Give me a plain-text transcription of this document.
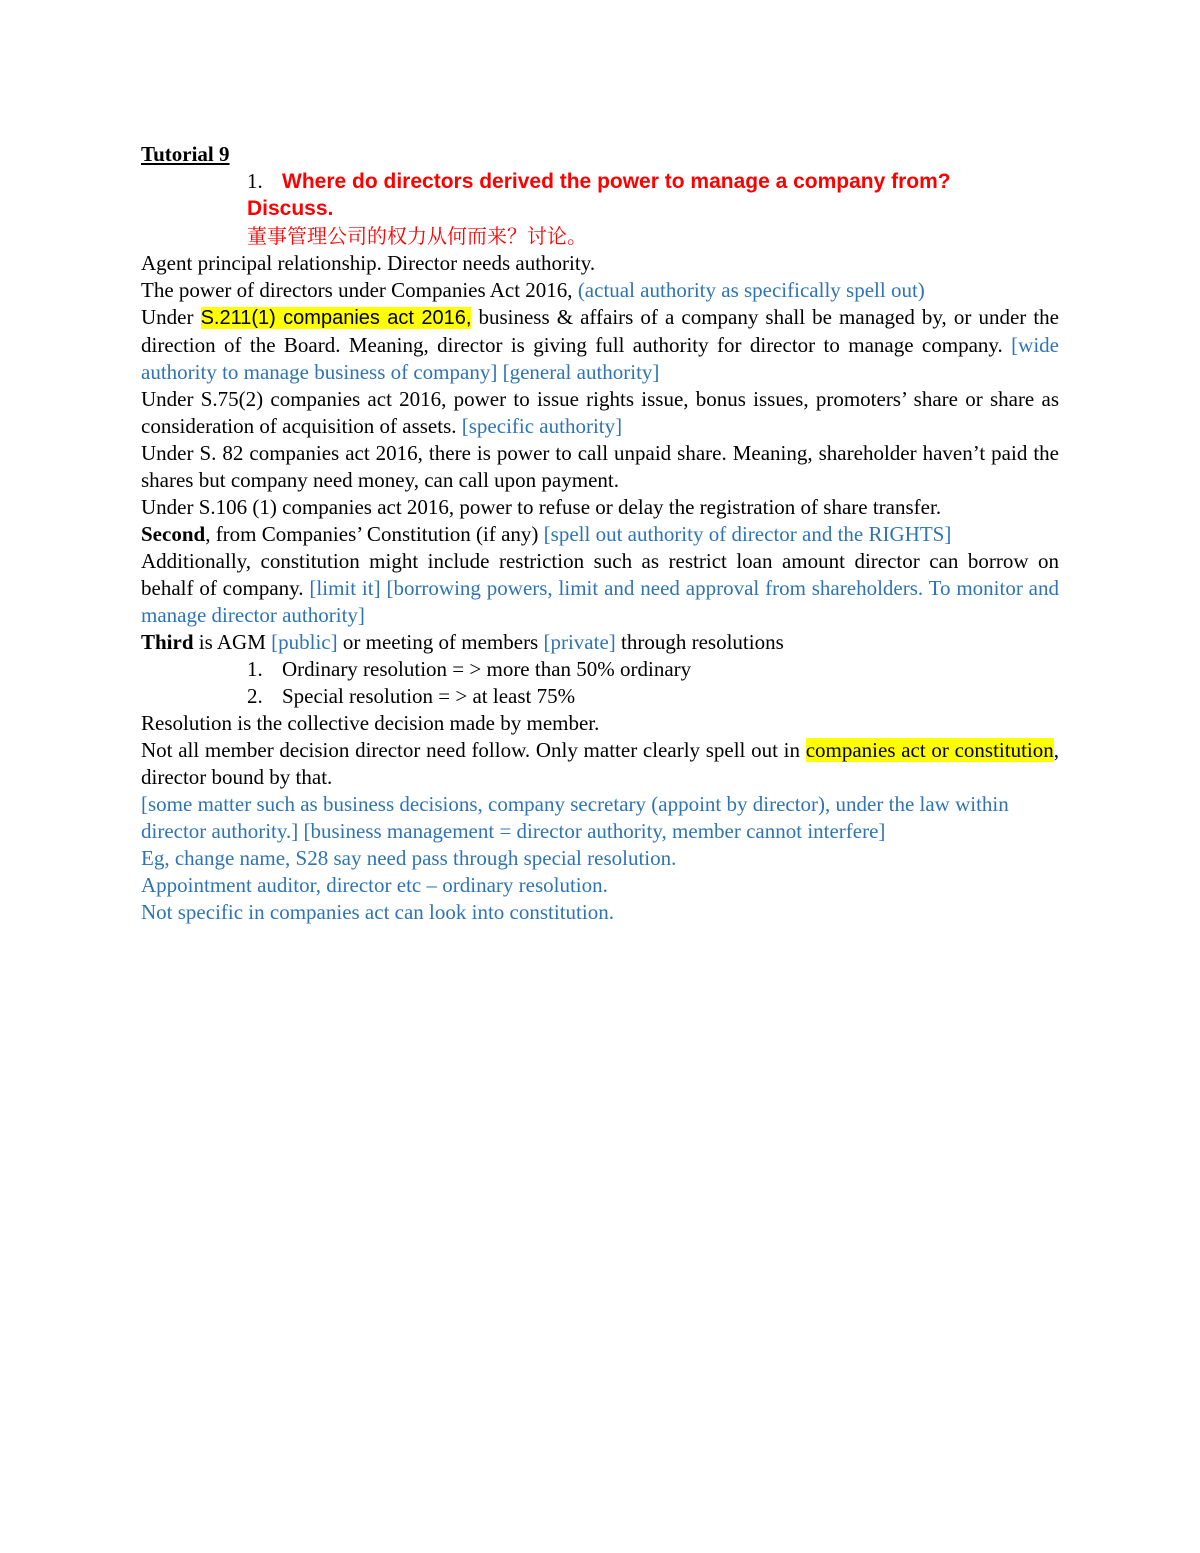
Tutorial 9
1. Where do directors derived the power to manage a company from?
Discuss.
董事管理公司的权力从何而来？讨论。

Agent principal relationship. Director needs authority.

The power of directors under Companies Act 2016, (actual authority as specifically spell out)

Under S.211(1) companies act 2016, business & affairs of a company shall be managed by, or under the direction of the Board. Meaning, director is giving full authority for director to manage company. [wide authority to manage business of company] [general authority]

Under S.75(2) companies act 2016, power to issue rights issue, bonus issues, promoters’ share or share as consideration of acquisition of assets. [specific authority]

Under S. 82 companies act 2016, there is power to call unpaid share. Meaning, shareholder haven’t paid the shares but company need money, can call upon payment.

Under S.106 (1) companies act 2016, power to refuse or delay the registration of share transfer.

Second, from Companies’ Constitution (if any) [spell out authority of director and the RIGHTS]

Additionally, constitution might include restriction such as restrict loan amount director can borrow on behalf of company. [limit it] [borrowing powers, limit and need approval from shareholders. To monitor and manage director authority]

Third is AGM [public] or meeting of members [private] through resolutions

1. Ordinary resolution = > more than 50% ordinary
2. Special resolution = > at least 75%

Resolution is the collective decision made by member.

Not all member decision director need follow. Only matter clearly spell out in companies act or constitution, director bound by that.

[some matter such as business decisions, company secretary (appoint by director), under the law within director authority.] [business management = director authority, member cannot interfere]

Eg, change name, S28 say need pass through special resolution.

Appointment auditor, director etc – ordinary resolution.

Not specific in companies act can look into constitution.
